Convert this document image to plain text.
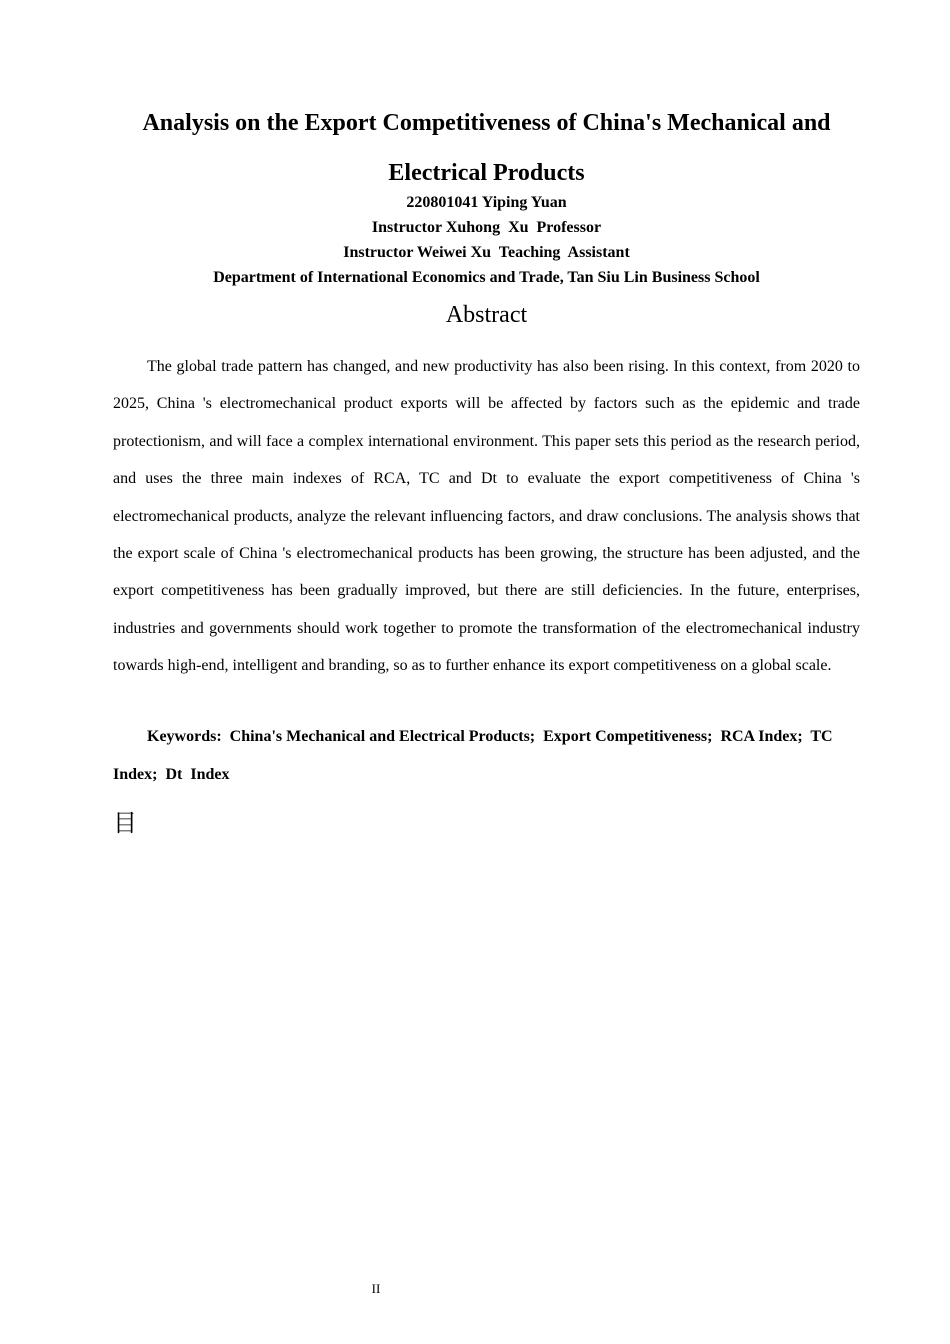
Analysis on the Export Competitiveness of China's Mechanical and Electrical Products
220801041 Yiping Yuan
Instructor Xuhong  Xu  Professor
Instructor Weiwei Xu  Teaching  Assistant
Department of International Economics and Trade, Tan Siu Lin Business School
Abstract

The global trade pattern has changed, and new productivity has also been rising. In this context, from 2020 to 2025, China 's electromechanical product exports will be affected by factors such as the epidemic and trade protectionism, and will face a complex international environment. This paper sets this period as the research period, and uses the three main indexes of RCA, TC and Dt to evaluate the export competitiveness of China 's electromechanical products, analyze the relevant influencing factors, and draw conclusions. The analysis shows that the export scale of China 's electromechanical products has been growing, the structure has been adjusted, and the export competitiveness has been gradually improved, but there are still deficiencies. In the future, enterprises, industries and governments should work together to promote the transformation of the electromechanical industry towards high-end, intelligent and branding, so as to further enhance its export competitiveness on a global scale.

Keywords:  China's Mechanical and Electrical Products;  Export Competitiveness;  RCA Index;  TC Index;  Dt  Index

目
II
